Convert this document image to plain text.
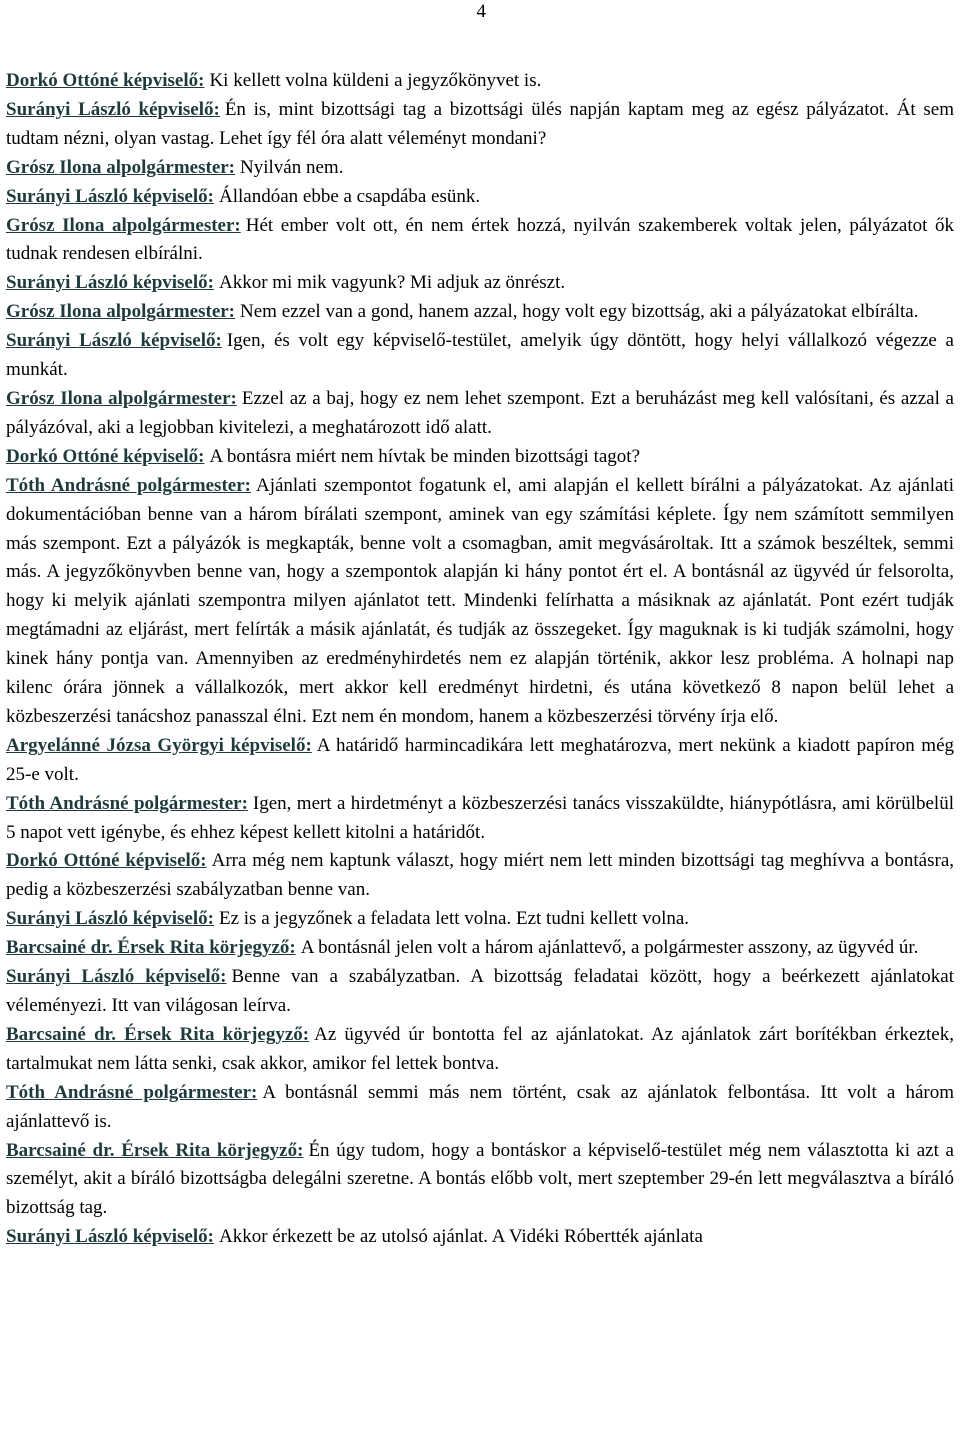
4

Dorkó Ottóné képviselő: Ki kellett volna küldeni a jegyzőkönyvet is.

Surányi László képviselő: Én is, mint bizottsági tag a bizottsági ülés napján kaptam meg az egész pályázatot. Át sem tudtam nézni, olyan vastag. Lehet így fél óra alatt véleményt mondani?

Grósz Ilona alpolgármester: Nyilván nem.

Surányi László képviselő: Állandóan ebbe a csapdába esünk.

Grósz Ilona alpolgármester: Hét ember volt ott, én nem értek hozzá, nyilván szakemberek voltak jelen, pályázatot ők tudnak rendesen elbírálni.

Surányi László képviselő: Akkor mi mik vagyunk? Mi adjuk az önrészt.

Grósz Ilona alpolgármester: Nem ezzel van a gond, hanem azzal, hogy volt egy bizottság, aki a pályázatokat elbírálta.

Surányi László képviselő: Igen, és volt egy képviselő-testület, amelyik úgy döntött, hogy helyi vállalkozó végezze a munkát.

Grósz Ilona alpolgármester: Ezzel az a baj, hogy ez nem lehet szempont. Ezt a beruházást meg kell valósítani, és azzal a pályázóval, aki a legjobban kivitelezi, a meghatározott idő alatt.

Dorkó Ottóné képviselő: A bontásra miért nem hívtak be minden bizottsági tagot?

Tóth Andrásné polgármester: Ajánlati szempontot fogatunk el, ami alapján el kellett bírálni a pályázatokat. Az ajánlati dokumentációban benne van a három bírálati szempont, aminek van egy számítási képlete. Így nem számított semmilyen más szempont. Ezt a pályázók is megkapták, benne volt a csomagban, amit megvásároltak. Itt a számok beszéltek, semmi más. A jegyzőkönyvben benne van, hogy a szempontok alapján ki hány pontot ért el. A bontásnál az ügyvéd úr felsorolta, hogy ki melyik ajánlati szempontra milyen ajánlatot tett. Mindenki felírhatta a másiknak az ajánlatát. Pont ezért tudják megtámadni az eljárást, mert felírták a másik ajánlatát, és tudják az összegeket. Így maguknak is ki tudják számolni, hogy kinek hány pontja van. Amennyiben az eredményhirdetés nem ez alapján történik, akkor lesz probléma. A holnapi nap kilenc órára jönnek a vállalkozók, mert akkor kell eredményt hirdetni, és utána következő 8 napon belül lehet a közbeszerzési tanácshoz panasszal élni. Ezt nem én mondom, hanem a közbeszerzési törvény írja elő.

Argyelánné Józsa Györgyi képviselő: A határidő harmincadikára lett meghatározva, mert nekünk a kiadott papíron még 25-e volt.

Tóth Andrásné polgármester: Igen, mert a hirdetményt a közbeszerzési tanács visszaküldte, hiánypótlásra, ami körülbelül 5 napot vett igénybe, és ehhez képest kellett kitolni a határidőt.

Dorkó Ottóné képviselő: Arra még nem kaptunk választ, hogy miért nem lett minden bizottsági tag meghívva a bontásra, pedig a közbeszerzési szabályzatban benne van.

Surányi László képviselő: Ez is a jegyzőnek a feladata lett volna. Ezt tudni kellett volna.

Barcsainé dr. Érsek Rita körjegyző: A bontásnál jelen volt a három ajánlattevő, a polgármester asszony, az ügyvéd úr.

Surányi László képviselő: Benne van a szabályzatban. A bizottság feladatai között, hogy a beérkezett ajánlatokat véleményezi. Itt van világosan leírva.

Barcsainé dr. Érsek Rita körjegyző: Az ügyvéd úr bontotta fel az ajánlatokat. Az ajánlatok zárt borítékban érkeztek, tartalmukat nem látta senki, csak akkor, amikor fel lettek bontva.

Tóth Andrásné polgármester: A bontásnál semmi más nem történt, csak az ajánlatok felbontása. Itt volt a három ajánlattevő is.

Barcsainé dr. Érsek Rita körjegyző: Én úgy tudom, hogy a bontáskor a képviselő-testület még nem választotta ki azt a személyt, akit a bíráló bizottságba delegálni szeretne. A bontás előbb volt, mert szeptember 29-én lett megválasztva a bíráló bizottság tag.

Surányi László képviselő: Akkor érkezett be az utolsó ajánlat. A Vidéki Róbertték ajánlata
